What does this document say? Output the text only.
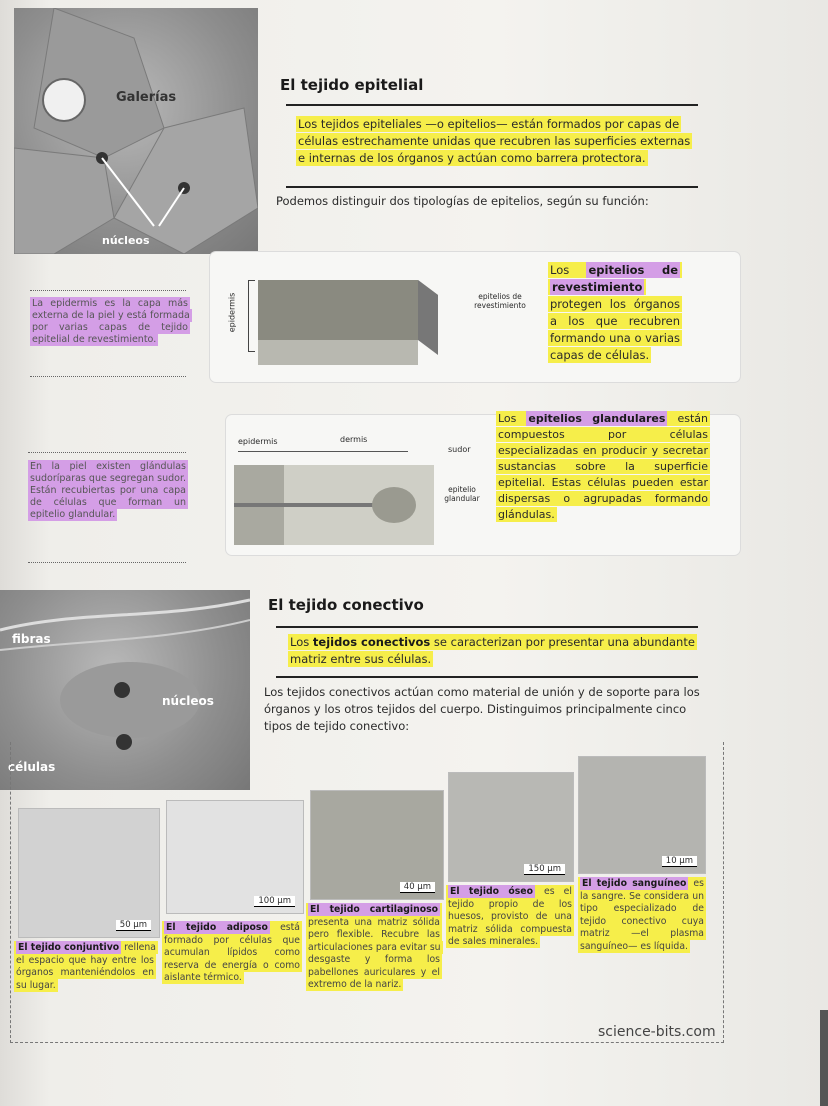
Galerías
núcleos
La epidermis es la capa más externa de la piel y está formada por varias capas de tejido epitelial de revestimiento.
En la piel existen glándulas sudoríparas que segregan sudor. Están recubiertas por una capa de células que forman un epitelio glandular.
El tejido epitelial
Los tejidos epiteliales —o epitelios— están formados por capas de células estrechamente unidas que recubren las superficies externas e internas de los órganos y actúan como barrera protectora.
Podemos distinguir dos tipologías de epitelios, según su función:
epidermis	epitelios de revestimiento
Los epitelios de revestimiento protegen los órganos a los que recubren formando una o varias capas de células.
epidermis	dermis
sudor
epitelio glandular
Los epitelios glandulares están compuestos por células especializadas en producir y secretar sustancias sobre la superficie epitelial. Estas células pueden estar dispersas o agrupadas formando glándulas.
fibras
núcleos
células
El tejido conectivo
Los tejidos conectivos se caracterizan por presentar una abundante matriz entre sus células.
Los tejidos conectivos actúan como material de unión y de soporte para los órganos y los otros tejidos del cuerpo. Distinguimos principalmente cinco tipos de tejido conectivo:
50 µm
100 µm
40 µm
150 µm
10 µm
El tejido conjuntivo rellena el espacio que hay entre los órganos manteniéndolos en su lugar.
El tejido adiposo está formado por células que acumulan lípidos como reserva de energía o como aislante térmico.
El tejido cartilaginoso presenta una matriz sólida pero flexible. Recubre las articulaciones para evitar su desgaste y forma los pabellones auriculares y el extremo de la nariz.
El tejido óseo es el tejido propio de los huesos, provisto de una matriz sólida compuesta de sales minerales.
El tejido sanguíneo es la sangre. Se considera un tipo especializado de tejido conectivo cuya matriz —el plasma sanguíneo— es líquida.
science-bits.com
